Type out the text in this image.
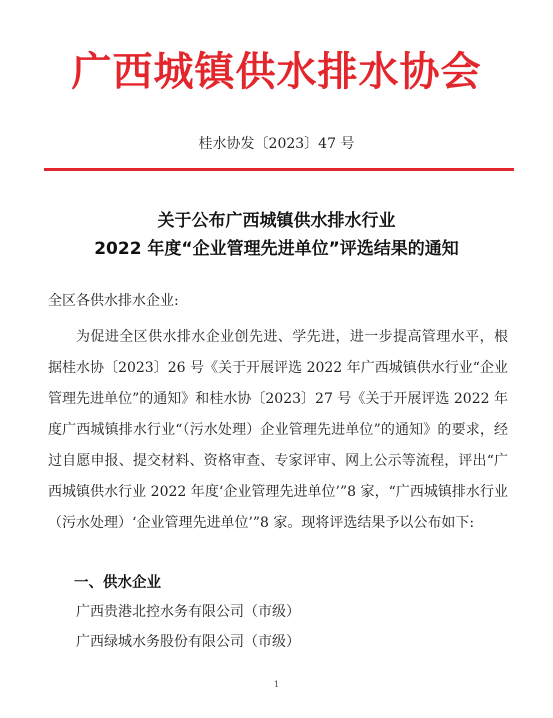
广西城镇供水排水协会
桂水协发〔2023〕47 号
关于公布广西城镇供水排水行业
2022 年度“企业管理先进单位”评选结果的通知
全区各供水排水企业:

为促进全区供水排水企业创先进、学先进，进一步提高管理水平，根据桂水协〔2023〕26 号《关于开展评选 2022 年广西城镇供水行业“企业管理先进单位”的通知》和桂水协〔2023〕27 号《关于开展评选 2022 年度广西城镇排水行业“（污水处理）企业管理先进单位”的通知》的要求，经过自愿申报、提交材料、资格审查、专家评审、网上公示等流程，评出“广西城镇供水行业 2022 年度‘企业管理先进单位’”8 家，“广西城镇排水行业（污水处理）‘企业管理先进单位’”8 家。现将评选结果予以公布如下:

一、供水企业
广西贵港北控水务有限公司（市级）
广西绿城水务股份有限公司（市级）
1
